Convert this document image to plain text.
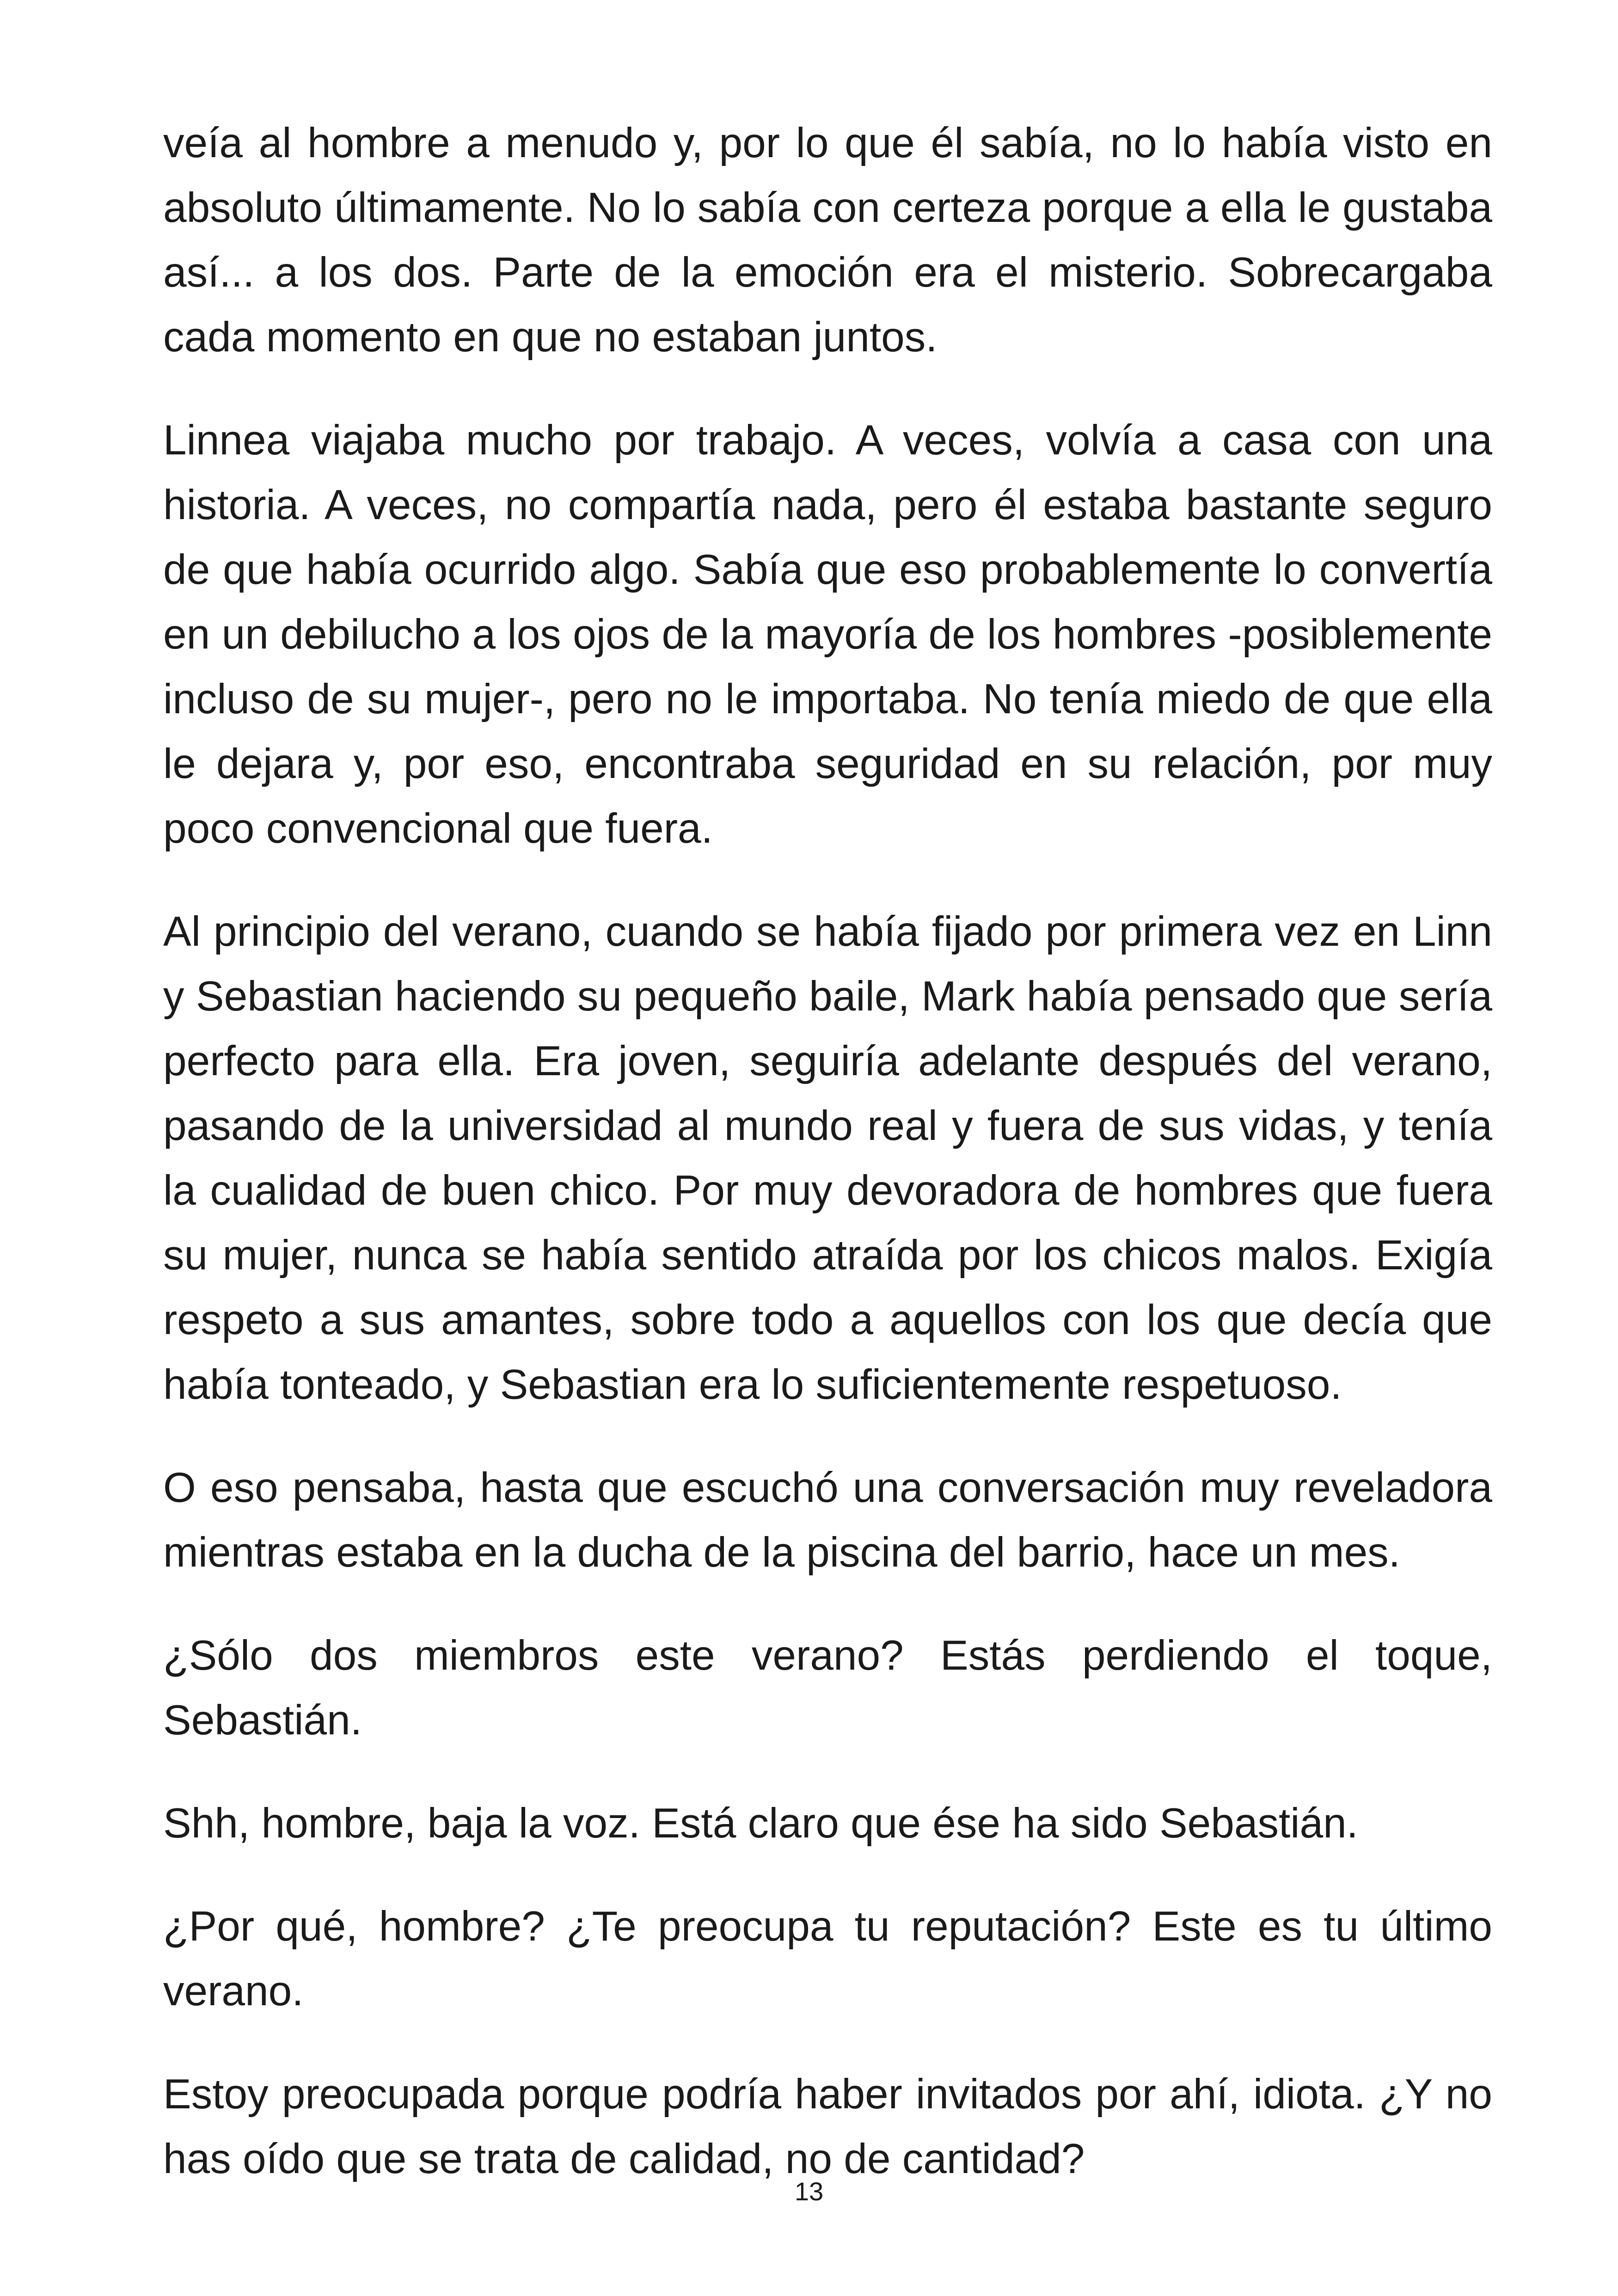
veía al hombre a menudo y, por lo que él sabía, no lo había visto en absoluto últimamente. No lo sabía con certeza porque a ella le gustaba así... a los dos. Parte de la emoción era el misterio. Sobrecargaba cada momento en que no estaban juntos.

Linnea viajaba mucho por trabajo. A veces, volvía a casa con una historia. A veces, no compartía nada, pero él estaba bastante seguro de que había ocurrido algo. Sabía que eso probablemente lo convertía en un debilucho a los ojos de la mayoría de los hombres -posiblemente incluso de su mujer-, pero no le importaba. No tenía miedo de que ella le dejara y, por eso, encontraba seguridad en su relación, por muy poco convencional que fuera.

Al principio del verano, cuando se había fijado por primera vez en Linn y Sebastian haciendo su pequeño baile, Mark había pensado que sería perfecto para ella. Era joven, seguiría adelante después del verano, pasando de la universidad al mundo real y fuera de sus vidas, y tenía la cualidad de buen chico. Por muy devoradora de hombres que fuera su mujer, nunca se había sentido atraída por los chicos malos. Exigía respeto a sus amantes, sobre todo a aquellos con los que decía que había tonteado, y Sebastian era lo suficientemente respetuoso.

O eso pensaba, hasta que escuchó una conversación muy reveladora mientras estaba en la ducha de la piscina del barrio, hace un mes.

¿Sólo dos miembros este verano? Estás perdiendo el toque, Sebastián.

Shh, hombre, baja la voz. Está claro que ése ha sido Sebastián.

¿Por qué, hombre? ¿Te preocupa tu reputación? Este es tu último verano.

Estoy preocupada porque podría haber invitados por ahí, idiota. ¿Y no has oído que se trata de calidad, no de cantidad?

13
